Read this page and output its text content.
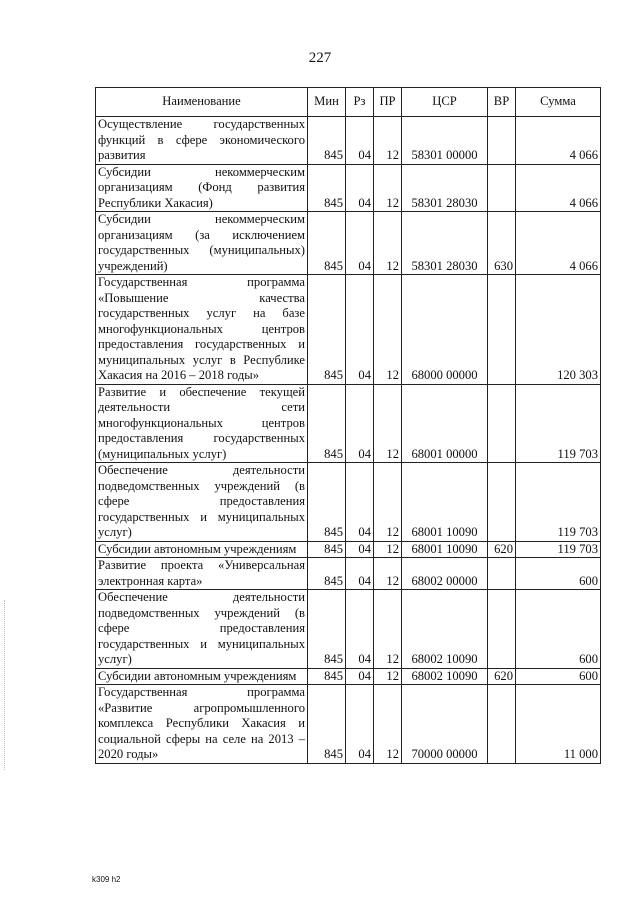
227
Наименование	Мин	Рз	ПР	ЦСР	ВР	Сумма
Осуществление государственных функций в сфере экономического развития	845	04	12	58301 00000		4 066
Субсидии некоммерческим организациям (Фонд развития Республики Хакасия)	845	04	12	58301 28030		4 066
Субсидии некоммерческим организациям (за исключением государственных (муниципальных) учреждений)	845	04	12	58301 28030	630	4 066
Государственная программа «Повышение качества государственных услуг на базе многофункциональных центров предоставления государственных и муниципальных услуг в Республике Хакасия на 2016 – 2018 годы»	845	04	12	68000 00000		120 303
Развитие и обеспечение текущей деятельности сети многофункциональных центров предоставления государственных (муниципальных услуг)	845	04	12	68001 00000		119 703
Обеспечение деятельности подведомственных учреждений (в сфере предоставления государственных и муниципальных услуг)	845	04	12	68001 10090		119 703
Субсидии автономным учреждениям	845	04	12	68001 10090	620	119 703
Развитие проекта «Универсальная электронная карта»	845	04	12	68002 00000		600
Обеспечение деятельности подведомственных учреждений (в сфере предоставления государственных и муниципальных услуг)	845	04	12	68002 10090		600
Субсидии автономным учреждениям	845	04	12	68002 10090	620	600
Государственная программа «Развитие агропромышленного комплекса Республики Хакасия и социальной сферы на селе на 2013 – 2020 годы»	845	04	12	70000 00000		11 000
k309 h2
